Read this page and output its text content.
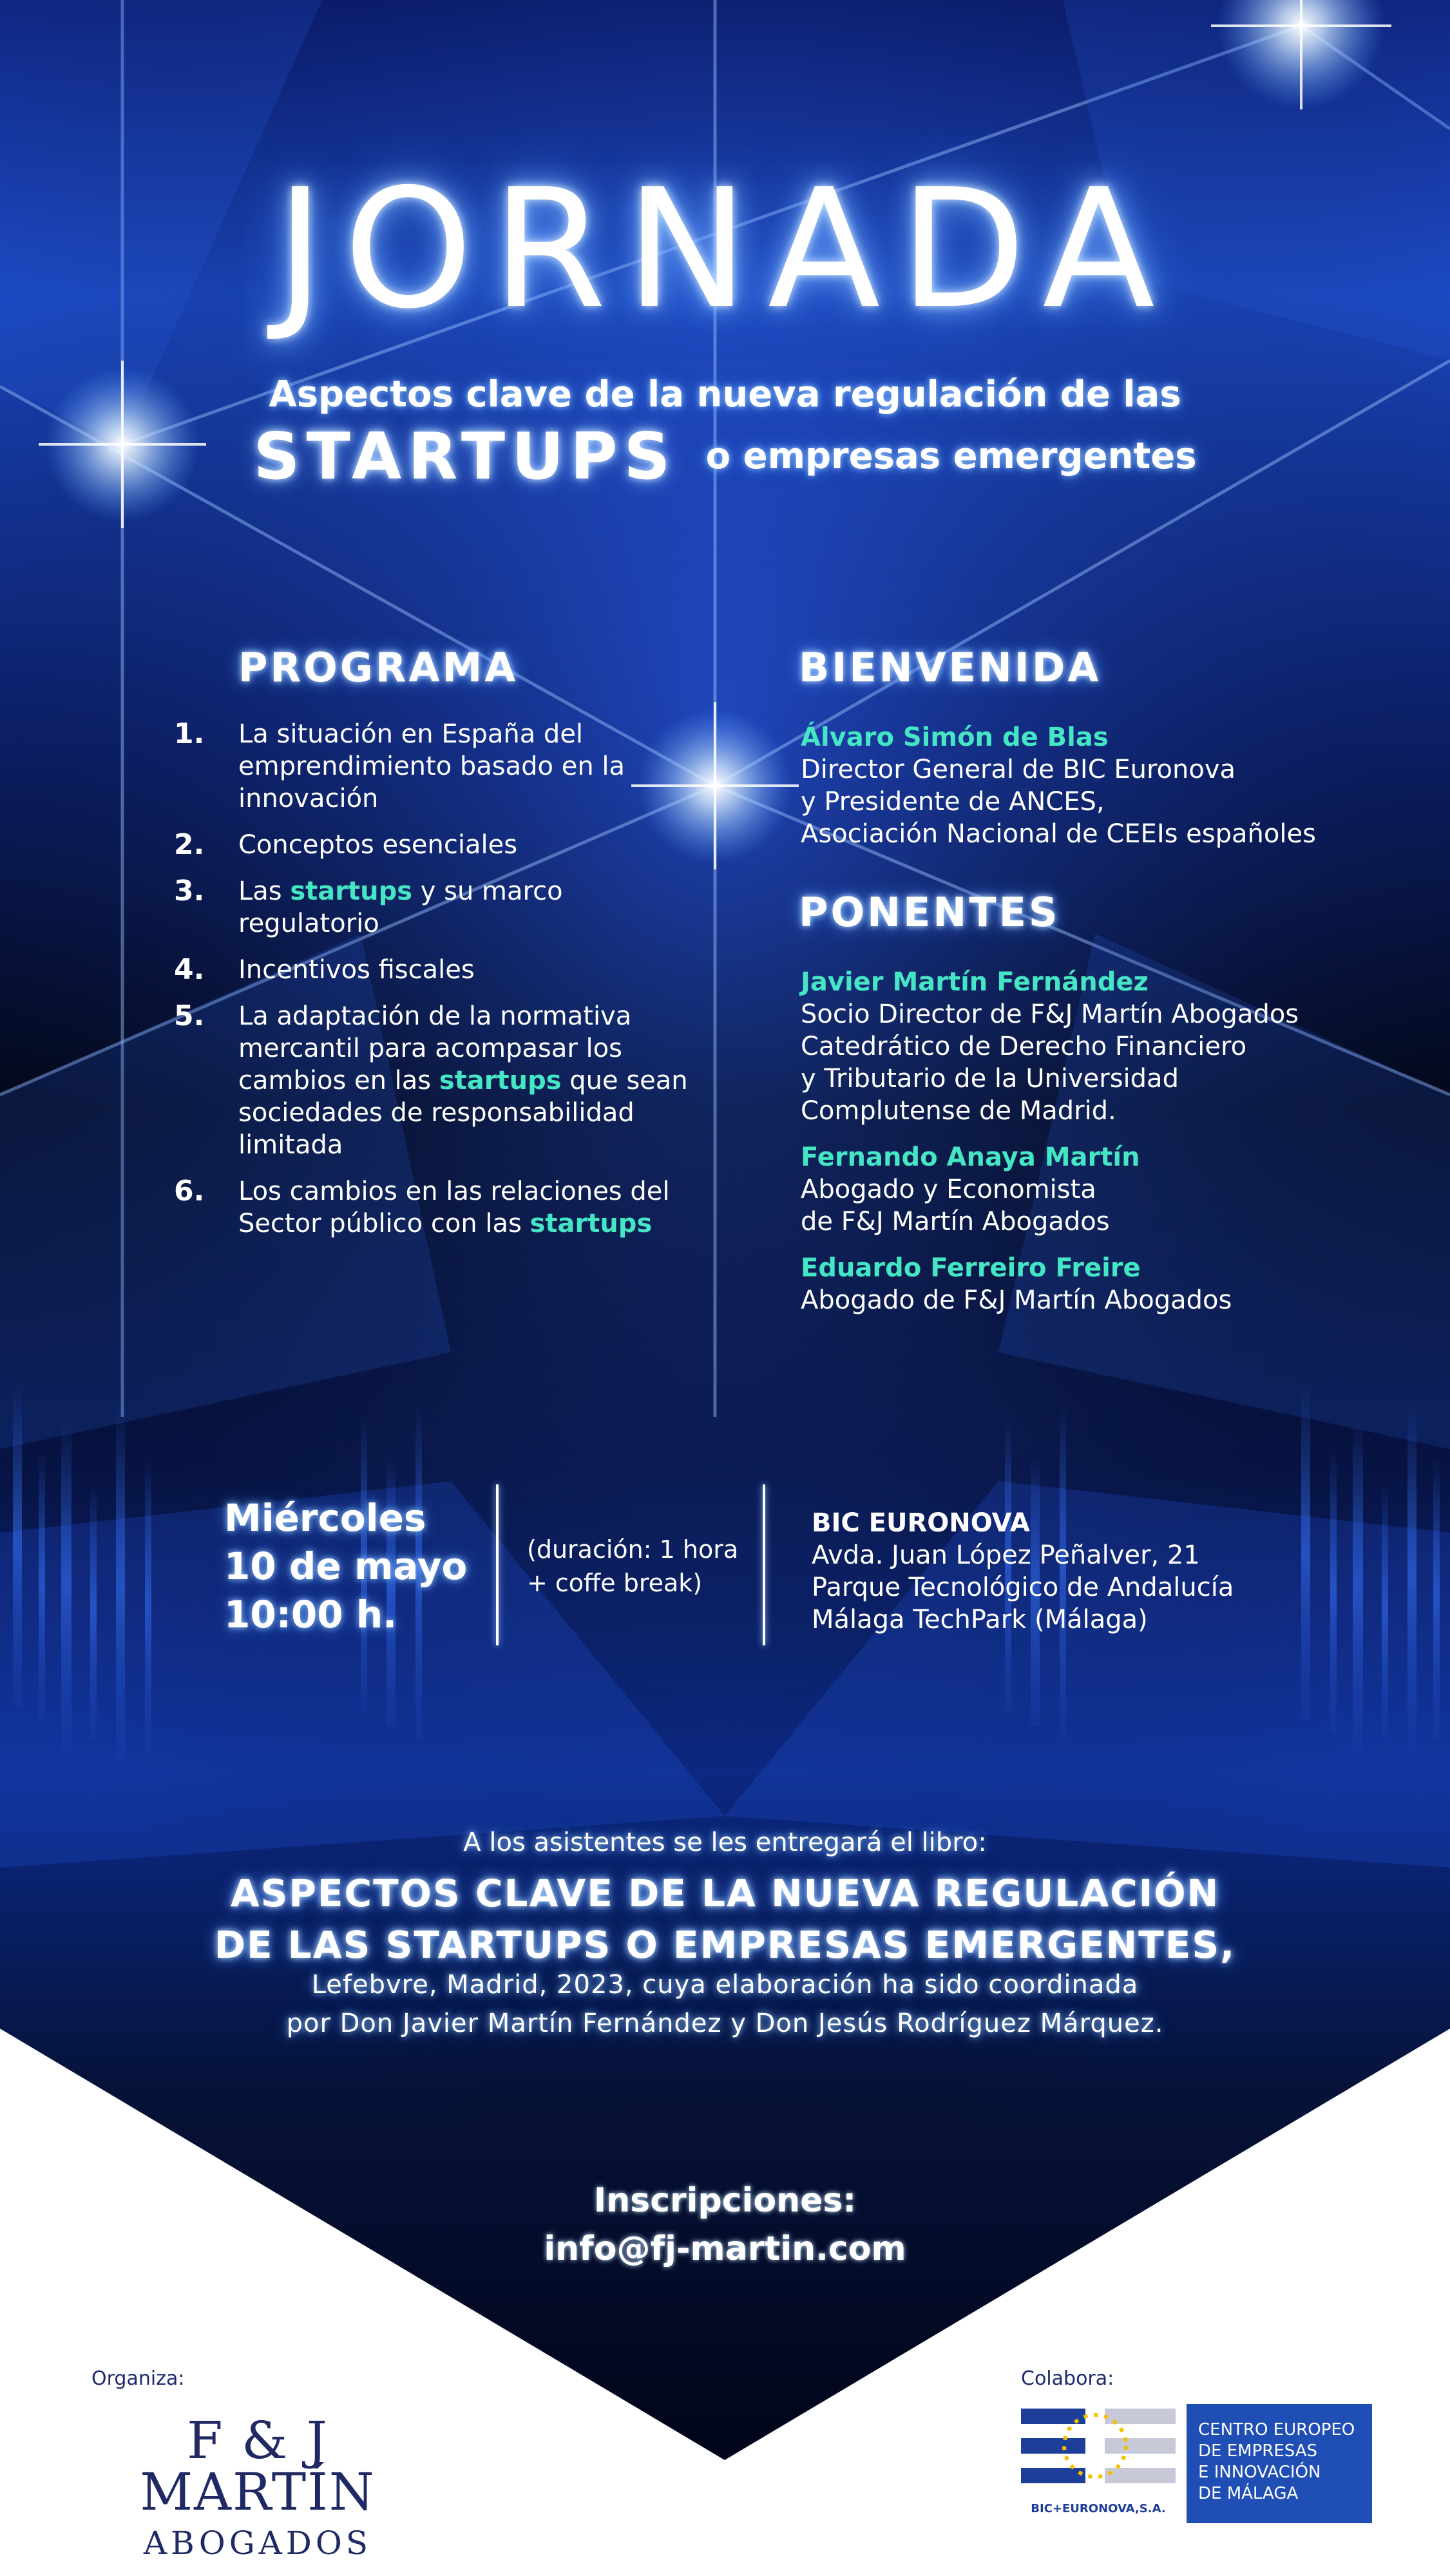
JORNADA
Aspectos clave de la nueva regulación de las
STARTUPS o empresas emergentes
PROGRAMA
1. La situación en España del emprendimiento basado en la innovación
2. Conceptos esenciales
3. Las startups y su marco regulatorio
4. Incentivos fiscales
5. La adaptación de la normativa mercantil para acompasar los cambios en las startups que sean sociedades de responsabilidad limitada
6. Los cambios en las relaciones del Sector público con las startups
BIENVENIDA
Álvaro Simón de Blas
Director General de BIC Euronova
y Presidente de ANCES,
Asociación Nacional de CEEIs españoles
PONENTES
Javier Martín Fernández
Socio Director de F&J Martín Abogados
Catedrático de Derecho Financiero
y Tributario de la Universidad
Complutense de Madrid.
Fernando Anaya Martín
Abogado y Economista
de F&J Martín Abogados
Eduardo Ferreiro Freire
Abogado de F&J Martín Abogados
Miércoles
10 de mayo
10:00 h.
(duración: 1 hora
+ coffe break)
BIC EURONOVA
Avda. Juan López Peñalver, 21
Parque Tecnológico de Andalucía
Málaga TechPark (Málaga)
A los asistentes se les entregará el libro:
ASPECTOS CLAVE DE LA NUEVA REGULACIÓN
DE LAS STARTUPS O EMPRESAS EMERGENTES,
Lefebvre, Madrid, 2023, cuya elaboración ha sido coordinada
por Don Javier Martín Fernández y Don Jesús Rodríguez Márquez.
Inscripciones:
info@fj-martin.com
Organiza:
F & J MARTÍN
ABOGADOS
Colabora:
BIC+EURONOVA,S.A.
CENTRO EUROPEO
DE EMPRESAS
E INNOVACIÓN
DE MÁLAGA
